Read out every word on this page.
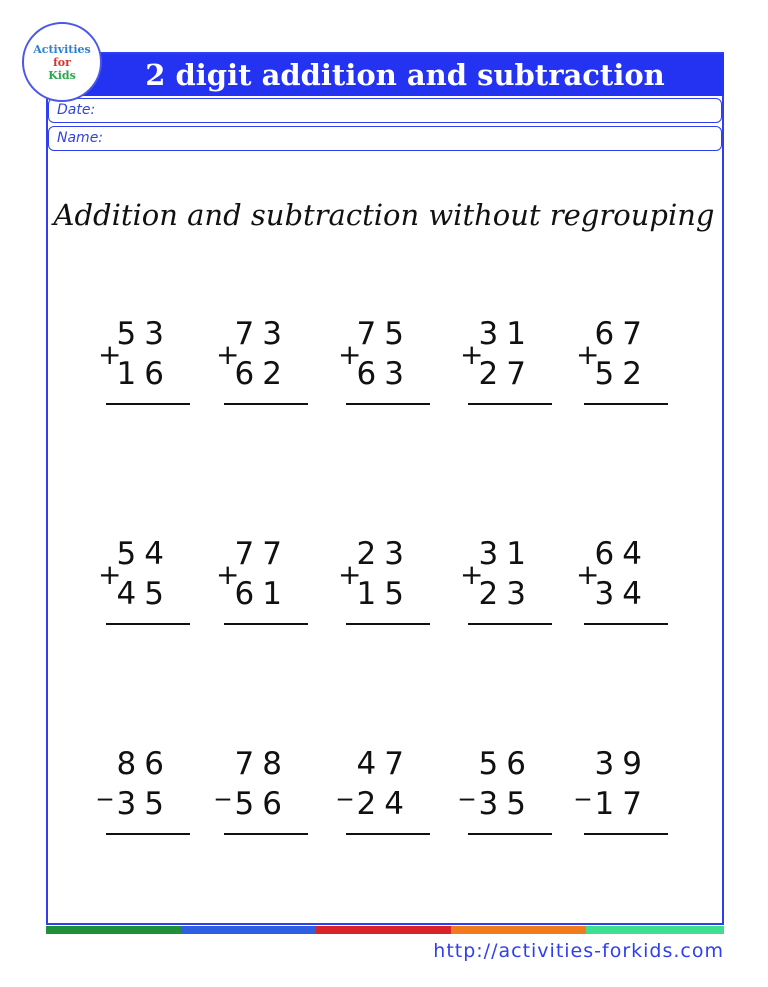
Activities
for
Kids	2 digit addition and subtraction
Date:
Name:
Addition and subtraction without regrouping
+
53
16
+
73
62
+
75
63
+
31
27
+
67
52
+
54
45
+
77
61
+
23
15
+
31
23
+
64
34
_
86
35
_
78
56
_
47
24
_
56
35
_
39
17
http://activities-forkids.com
